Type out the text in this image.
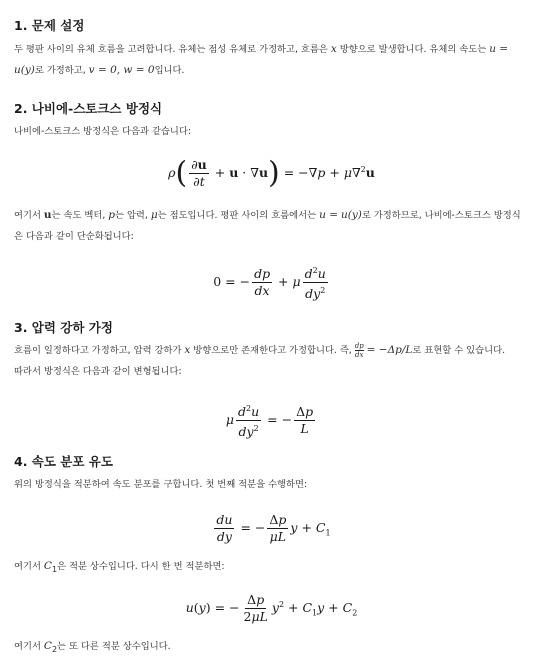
1. 문제 설정

두 평판 사이의 유체 흐름을 고려합니다. 유체는 점성 유체로 가정하고, 흐름은 x 방향으로 발생합니다. 유체의 속도는 u =
u(y)로 가정하고, v = 0, w = 0입니다.

2. 나비에-스토크스 방정식

나비에-스토크스 방정식은 다음과 같습니다:

$\rho( \frac{\partial u}{\partial t} + u \cdot \nabla u) = -\nabla p + \mu\nabla^2u$

여기서 u는 속도 벡터, p는 압력, μ는 점도입니다. 평판 사이의 흐름에서는 u = u(y)로 가정하므로, 나비에-스토크스 방정식
은 다음과 같이 단순화됩니다:

0 = − $\frac{dp}{dx} + \mu \frac{d^2u}{dy^2}$
3. 압력 강하 가정

흐름이 일정하다고 가정하고, 압력 강하가 x 방향으로만 존재한다고 가정합니다. 즉, $\frac{dp}{dx} = -\Delta p/L$로 표현할 수 있습니다.
따라서 방정식은 다음과 같이 변형됩니다:

μ $\frac{d^2u}{dy^2}$ = − $\frac{\Delta p}{L}$
4. 속도 분포 유도

위의 방정식을 적분하여 속도 분포를 구합니다. 첫 번째 적분을 수행하면:

$\frac{du}{dy}$ = − $\frac{\Delta p}{\mu L}$ $y + C_1$

여기서 $C_1$은 적분 상수입니다. 다시 한 번 적분하면:

u(y) = − $\frac{\Delta p}{2\mu L} y^2 + C_1y + C_2$

여기서 $C_2$는 또 다른 적분 상수입니다.
